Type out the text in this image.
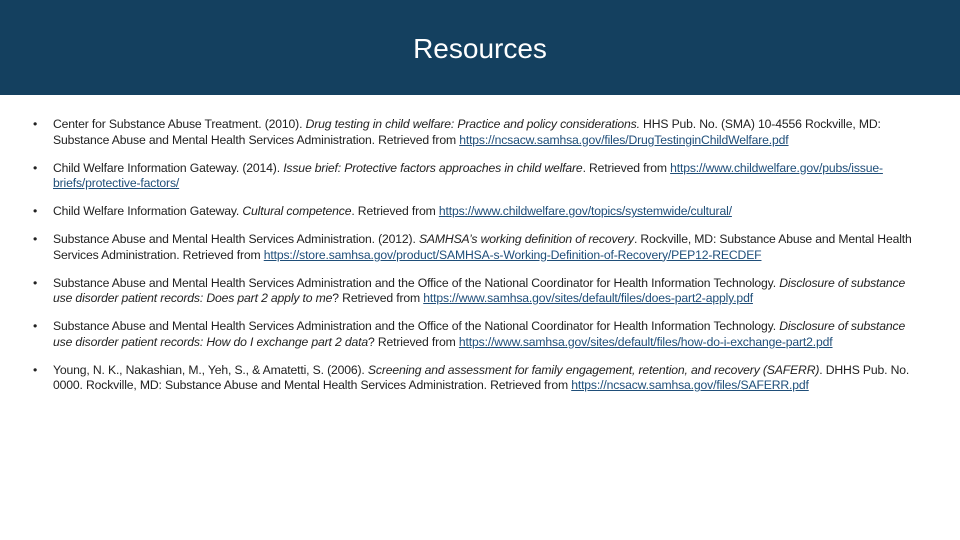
Resources
• Center for Substance Abuse Treatment. (2010). Drug testing in child welfare: Practice and policy considerations. HHS Pub. No. (SMA) 10-4556 Rockville, MD: Substance Abuse and Mental Health Services Administration. Retrieved from https://ncsacw.samhsa.gov/files/DrugTestinginChildWelfare.pdf
• Child Welfare Information Gateway. (2014). Issue brief: Protective factors approaches in child welfare. Retrieved from https://www.childwelfare.gov/pubs/issue-briefs/protective-factors/
• Child Welfare Information Gateway. Cultural competence. Retrieved from https://www.childwelfare.gov/topics/systemwide/cultural/
• Substance Abuse and Mental Health Services Administration. (2012). SAMHSA’s working definition of recovery. Rockville, MD: Substance Abuse and Mental Health Services Administration. Retrieved from https://store.samhsa.gov/product/SAMHSA-s-Working-Definition-of-Recovery/PEP12-RECDEF
• Substance Abuse and Mental Health Services Administration and the Office of the National Coordinator for Health Information Technology. Disclosure of substance use disorder patient records: Does part 2 apply to me? Retrieved from https://www.samhsa.gov/sites/default/files/does-part2-apply.pdf
• Substance Abuse and Mental Health Services Administration and the Office of the National Coordinator for Health Information Technology. Disclosure of substance use disorder patient records: How do I exchange part 2 data? Retrieved from https://www.samhsa.gov/sites/default/files/how-do-i-exchange-part2.pdf
• Young, N. K., Nakashian, M., Yeh, S., & Amatetti, S. (2006). Screening and assessment for family engagement, retention, and recovery (SAFERR). DHHS Pub. No. 0000. Rockville, MD: Substance Abuse and Mental Health Services Administration. Retrieved from https://ncsacw.samhsa.gov/files/SAFERR.pdf
